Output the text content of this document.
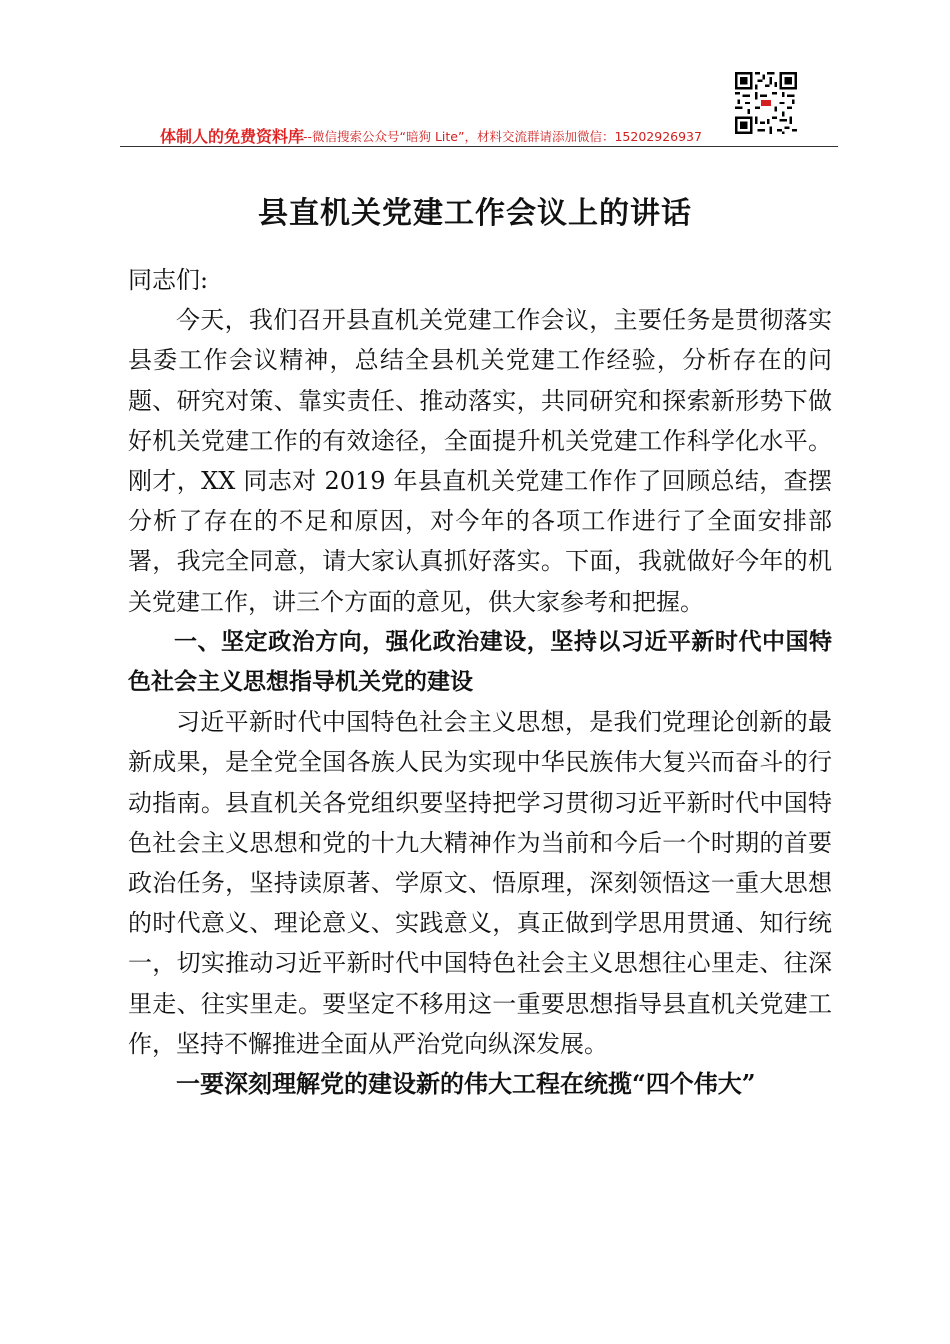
体制人的免费资料库
--微信搜索公众号“暗狗 Lite”，材料交流群请添加微信：15202926937
县直机关党建工作会议上的讲话

同志们:

今天，我们召开县直机关党建工作会议，主要任务是贯彻落实县委工作会议精神，总结全县机关党建工作经验，分析存在的问题、研究对策、靠实责任、推动落实，共同研究和探索新形势下做好机关党建工作的有效途径，全面提升机关党建工作科学化水平。刚才，XX 同志对 2019 年县直机关党建工作作了回顾总结，查摆分析了存在的不足和原因，对今年的各项工作进行了全面安排部署，我完全同意，请大家认真抓好落实。下面，我就做好今年的机关党建工作，讲三个方面的意见，供大家参考和把握。

一、坚定政治方向，强化政治建设，坚持以习近平新时代中国特色社会主义思想指导机关党的建设

习近平新时代中国特色社会主义思想，是我们党理论创新的最新成果，是全党全国各族人民为实现中华民族伟大复兴而奋斗的行动指南。县直机关各党组织要坚持把学习贯彻习近平新时代中国特色社会主义思想和党的十九大精神作为当前和今后一个时期的首要政治任务，坚持读原著、学原文、悟原理，深刻领悟这一重大思想的时代意义、理论意义、实践意义，真正做到学思用贯通、知行统一，切实推动习近平新时代中国特色社会主义思想往心里走、往深里走、往实里走。要坚定不移用这一重要思想指导县直机关党建工作，坚持不懈推进全面从严治党向纵深发展。

一要深刻理解党的建设新的伟大工程在统揽“四个伟大”
